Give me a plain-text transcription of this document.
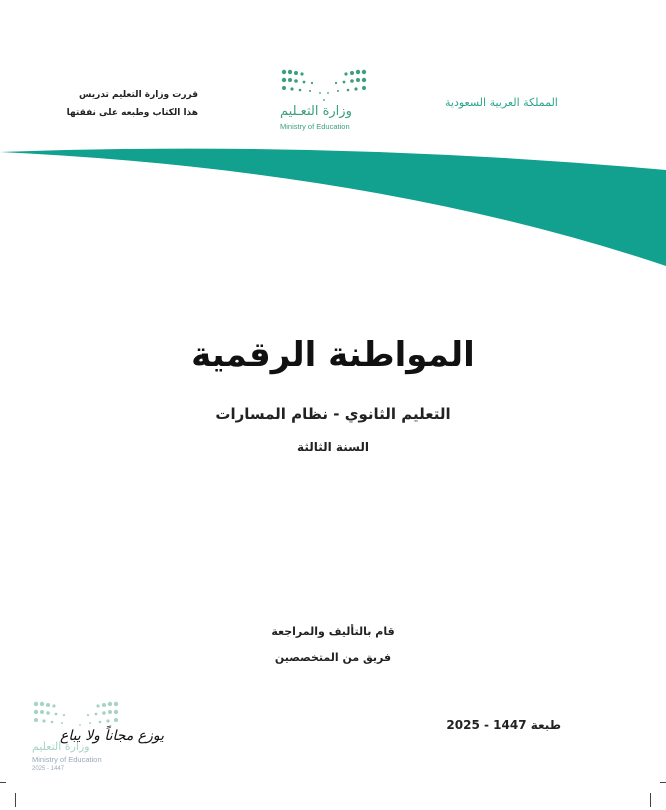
المملكة العربية السعودية
وزارة التعـليم
Ministry of Education
قررت وزارة التعليم تدريس
هذا الكتاب وطبعه على نفقتها
المواطنة الرقمية
التعليم الثانوي - نظام المسارات
السنة الثالثة
قام بالتأليف والمراجعة
فريق من المتخصصين
طبعة 1447 - 2025
وزارة التعليم
يوزع مجاناً ولا يباع
Ministry of Education
2025 - 1447
